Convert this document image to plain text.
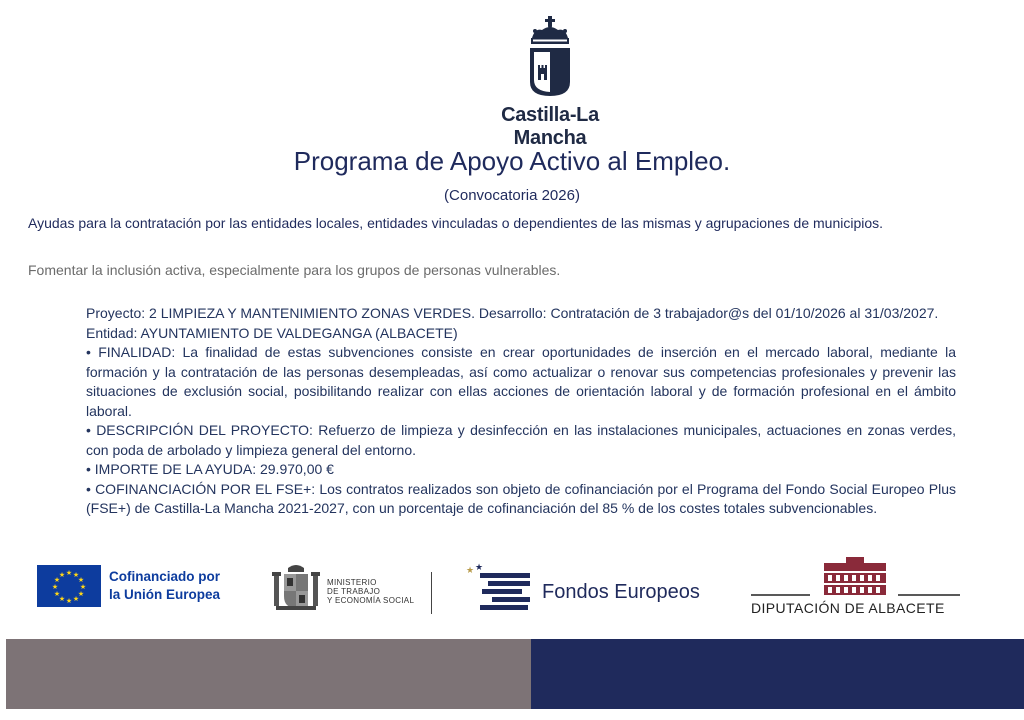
Castilla-La Mancha
Programa de Apoyo Activo al Empleo.
(Convocatoria 2026)
Ayudas para la contratación por las entidades locales, entidades vinculadas o dependientes de las mismas y agrupaciones de municipios.
Fomentar la inclusión activa, especialmente para los grupos de personas vulnerables.

Proyecto: 2 LIMPIEZA Y MANTENIMIENTO ZONAS VERDES. Desarrollo: Contratación de 3 trabajador@s del 01/10/2026 al 31/03/2027.

Entidad: AYUNTAMIENTO DE VALDEGANGA (ALBACETE)

• FINALIDAD: La finalidad de estas subvenciones consiste en crear oportunidades de inserción en el mercado laboral, mediante la formación y la contratación de las personas desempleadas, así como actualizar o renovar sus competencias profesionales y prevenir las situaciones de exclusión social, posibilitando realizar con ellas acciones de orientación laboral y de formación profesional en el ámbito laboral.

• DESCRIPCIÓN DEL PROYECTO: Refuerzo de limpieza y desinfección en las instalaciones municipales, actuaciones en zonas verdes, con poda de arbolado y limpieza general del entorno.

• IMPORTE DE LA AYUDA: 29.970,00 €

• COFINANCIACIÓN POR EL FSE+: Los contratos realizados son objeto de cofinanciación por el Programa del Fondo Social Europeo Plus (FSE+) de Castilla-La Mancha 2021-2027, con un porcentaje de cofinanciación del 85 % de los costes totales subvencionables.

★ ★
★
★
★
★
★
★
★
★
★
★	Cofinanciado por
la Unión Europea
MINISTERIO
DE TRABAJO
Y ECONOMÍA SOCIAL
★ ★
Fondos Europeos
DIPUTACIÓN DE ALBACETE
